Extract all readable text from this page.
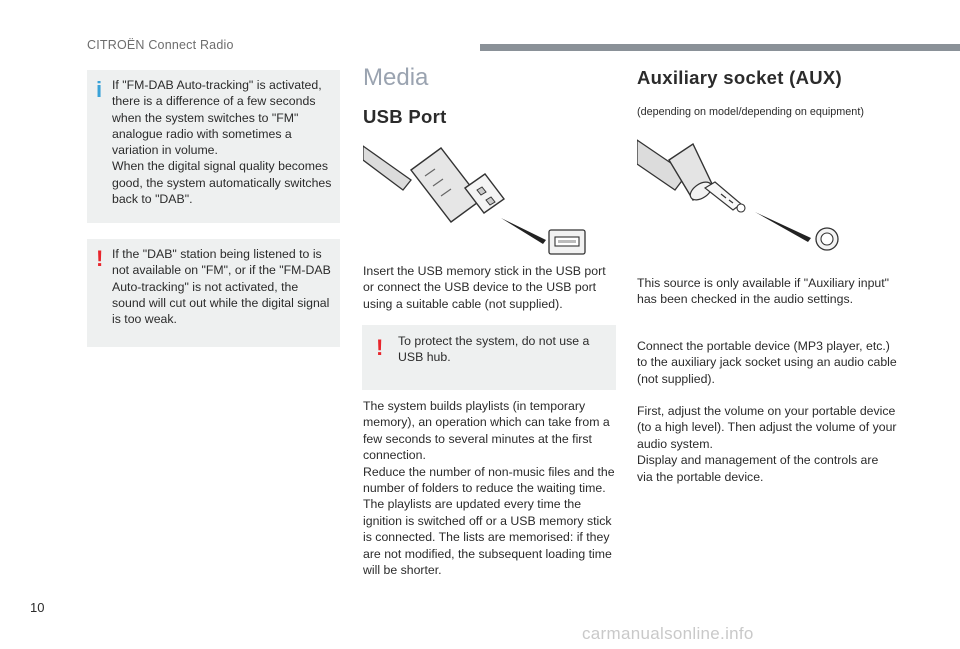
CITROËN Connect Radio
i If "FM-DAB Auto-tracking" is activated, there is a difference of a few seconds when the system switches to "FM" analogue radio with sometimes a variation in volume.

When the digital signal quality becomes good, the system automatically switches back to "DAB".

! If the "DAB" station being listened to is not available on "FM", or if the "FM-DAB Auto-tracking" is not activated, the sound will cut out while the digital signal is too weak.

Media
USB Port

Insert the USB memory stick in the USB port or connect the USB device to the USB port using a suitable cable (not supplied).

! To protect the system, do not use a USB hub.

The system builds playlists (in temporary memory), an operation which can take from a few seconds to several minutes at the first connection.
Reduce the number of non-music files and the number of folders to reduce the waiting time.
The playlists are updated every time the ignition is switched off or a USB memory stick is connected. The lists are memorised: if they are not modified, the subsequent loading time will be shorter.
Auxiliary socket (AUX)
(depending on model/depending on equipment)

This source is only available if "Auxiliary input" has been checked in the audio settings.

Connect the portable device (MP3 player, etc.) to the auxiliary jack socket using an audio cable (not supplied).

First, adjust the volume on your portable device (to a high level). Then adjust the volume of your audio system.
Display and management of the controls are via the portable device.
10
carmanualsonline.info
